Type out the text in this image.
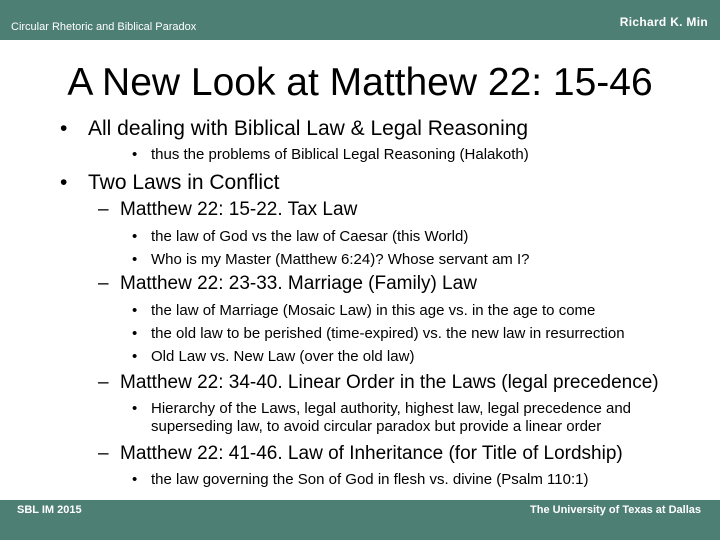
Circular Rhetoric and Biblical Paradox	Richard K. Min
A New Look at Matthew 22: 15-46
• All dealing with Biblical Law & Legal Reasoning
• thus the problems of Biblical Legal Reasoning (Halakoth)
• Two Laws in Conflict
– Matthew 22: 15-22. Tax Law
• the law of God vs the law of Caesar (this World)
• Who is my Master (Matthew 6:24)? Whose servant am I?
– Matthew 22: 23-33. Marriage (Family) Law
• the law of Marriage (Mosaic Law) in this age vs. in the age to come
• the old law to be perished (time-expired) vs. the new law in resurrection
• Old Law vs. New Law (over the old law)
– Matthew 22: 34-40. Linear Order in the Laws (legal precedence)
• Hierarchy of the Laws, legal authority, highest law, legal precedence and
superseding law, to avoid circular paradox but provide a linear order
– Matthew 22: 41-46. Law of Inheritance (for Title of Lordship)
• the law governing the Son of God in flesh vs. divine (Psalm 110:1)
SBL IM 2015	The University of Texas at Dallas
